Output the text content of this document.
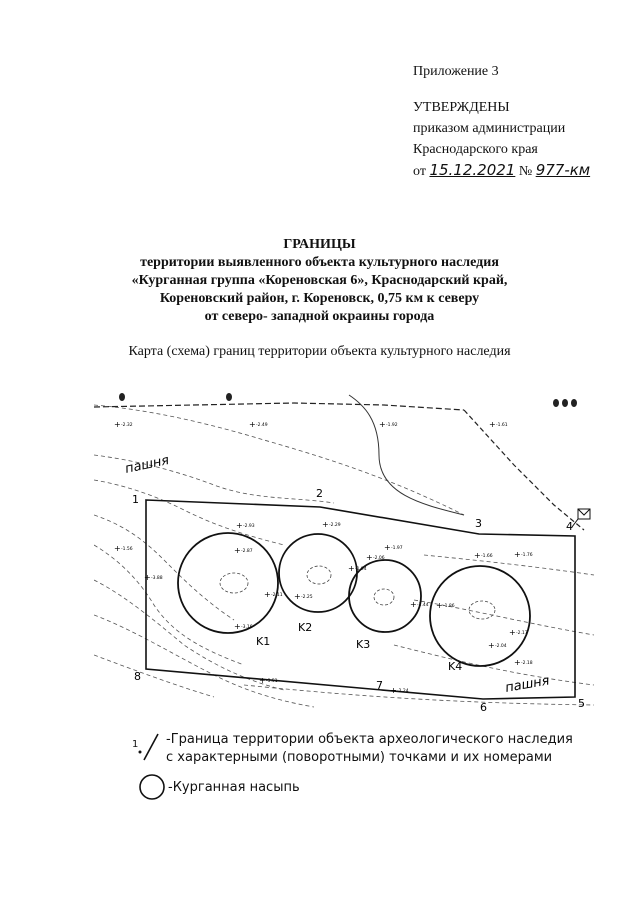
Приложение 3
УТВЕРЖДЕНЫ
приказом администрации
Краснодарского края
от 15.12.2021 № 977-км
ГРАНИЦЫ
территории выявленного объекта культурного наследия
«Курганная группа «Кореновская 6», Краснодарский край,
Кореновский район, г. Кореновск, 0,75 км к северу
от северо- западной окраины города
Карта (схема) границ территории объекта культурного наследия
пашня
пашня
1	2
3	4
5
6
7
8
K1
K2
K3
K4
+ -2.32	+ -2.49	+ -1.92	+ -1.61
+ -2.93	+ -2.29
+ -1.66
+ -1.56
+ -3.88
+ -2.87	+ -1.97
+ -2.06
+ -1.94
+ -1.44 + -1.86
+ -2.11 + -2.25
+ -3.16
+ -1.76
+ -2.04
+ -2.18
+ -3.51
+ -2.24
+ -2.17
1 -Граница территории объекта археологического наследия
с характерными (поворотными) точками и их номерами
-Курганная насыпь
